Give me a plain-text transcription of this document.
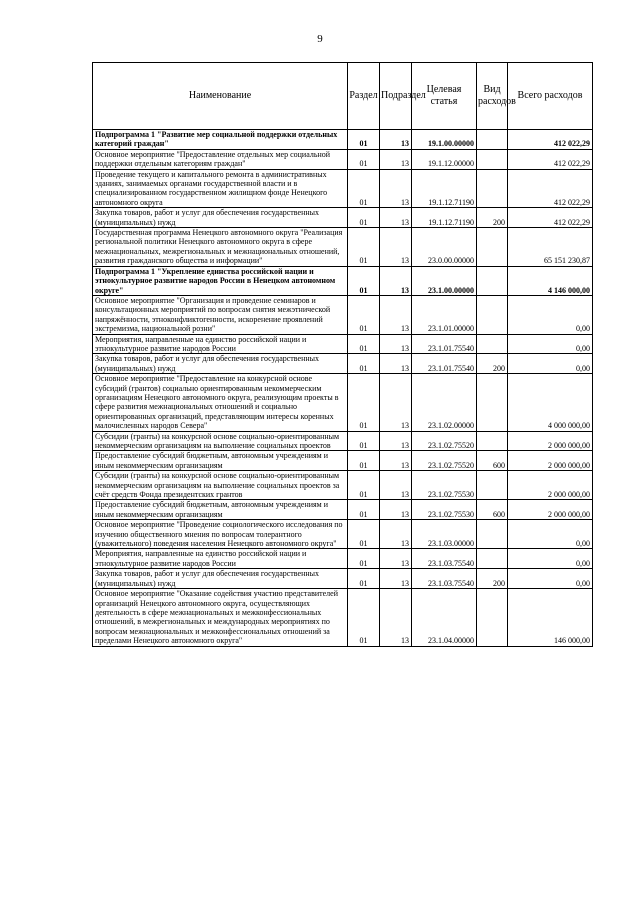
9
Наименование	Раздел	Подраздел	Целевая статья	Вид расходов	Всего расходов
Подпрограмма 1 "Развитие мер социальной поддержки отдельных категорий граждан"	01	13	19.1.00.00000		412 022,29
Основное мероприятие "Предоставление отдельных мер социальной поддержки отдельным категориям граждан"	01	13	19.1.12.00000		412 022,29
Проведение текущего и капитального ремонта в административных зданиях, занимаемых органами государственной власти и в специализированном государственном жилищном фонде Ненецкого автономного округа	01	13	19.1.12.71190		412 022,29
Закупка товаров, работ и услуг для обеспечения государственных (муниципальных) нужд	01	13	19.1.12.71190	200	412 022,29
Государственная программа Ненецкого автономного округа "Реализация региональной политики Ненецкого автономного округа в сфере межнациональных, межрегиональных и межнациональных отношений, развития гражданского общества и информации"	01	13	23.0.00.00000		65 151 230,87
Подпрограмма 1 "Укрепление единства российской нации и этнокультурное развитие народов России в Ненецком автономном округе"	01	13	23.1.00.00000		4 146 000,00
Основное мероприятие "Организация и проведение семинаров и консультационных мероприятий по вопросам снятия межэтнической напряжённости, этноконфликтогенности, искоренение проявлений экстремизма, национальной розни"	01	13	23.1.01.00000		0,00
Мероприятия, направленные на единство российской нации и этнокультурное развитие народов России	01	13	23.1.01.75540		0,00
Закупка товаров, работ и услуг для обеспечения государственных (муниципальных) нужд	01	13	23.1.01.75540	200	0,00
Основное мероприятие "Предоставление на конкурсной основе субсидий (грантов) социально ориентированным некоммерческим организациям Ненецкого автономного округа, реализующим проекты в сфере развития межнациональных отношений и социально ориентированных организаций, представляющим интересы коренных малочисленных народов Севера"	01	13	23.1.02.00000		4 000 000,00
Субсидии (гранты) на конкурсной основе социально-ориентированным некоммерческим организациям на выполнение социальных проектов	01	13	23.1.02.75520		2 000 000,00
Предоставление субсидий бюджетным, автономным учреждениям и иным некоммерческим организациям	01	13	23.1.02.75520	600	2 000 000,00
Субсидии (гранты) на конкурсной основе социально-ориентированным некоммерческим организациям на выполнение социальных проектов за счёт средств Фонда президентских грантов	01	13	23.1.02.75530		2 000 000,00
Предоставление субсидий бюджетным, автономным учреждениям и иным некоммерческим организациям	01	13	23.1.02.75530	600	2 000 000,00
Основное мероприятие "Проведение социологического исследования по изучению общественного мнения по вопросам толерантного (уважительного) поведения населения Ненецкого автономного округа"	01	13	23.1.03.00000		0,00
Мероприятия, направленные на единство российской нации и этнокультурное развитие народов России	01	13	23.1.03.75540		0,00
Закупка товаров, работ и услуг для обеспечения государственных (муниципальных) нужд	01	13	23.1.03.75540	200	0,00
Основное мероприятие "Оказание содействия участию представителей организаций Ненецкого автономного округа, осуществляющих деятельность в сфере межнациональных и межконфессиональных отношений, в межрегиональных и международных мероприятиях по вопросам межнациональных и межконфессиональных отношений за пределами Ненецкого автономного округа"	01	13	23.1.04.00000		146 000,00
